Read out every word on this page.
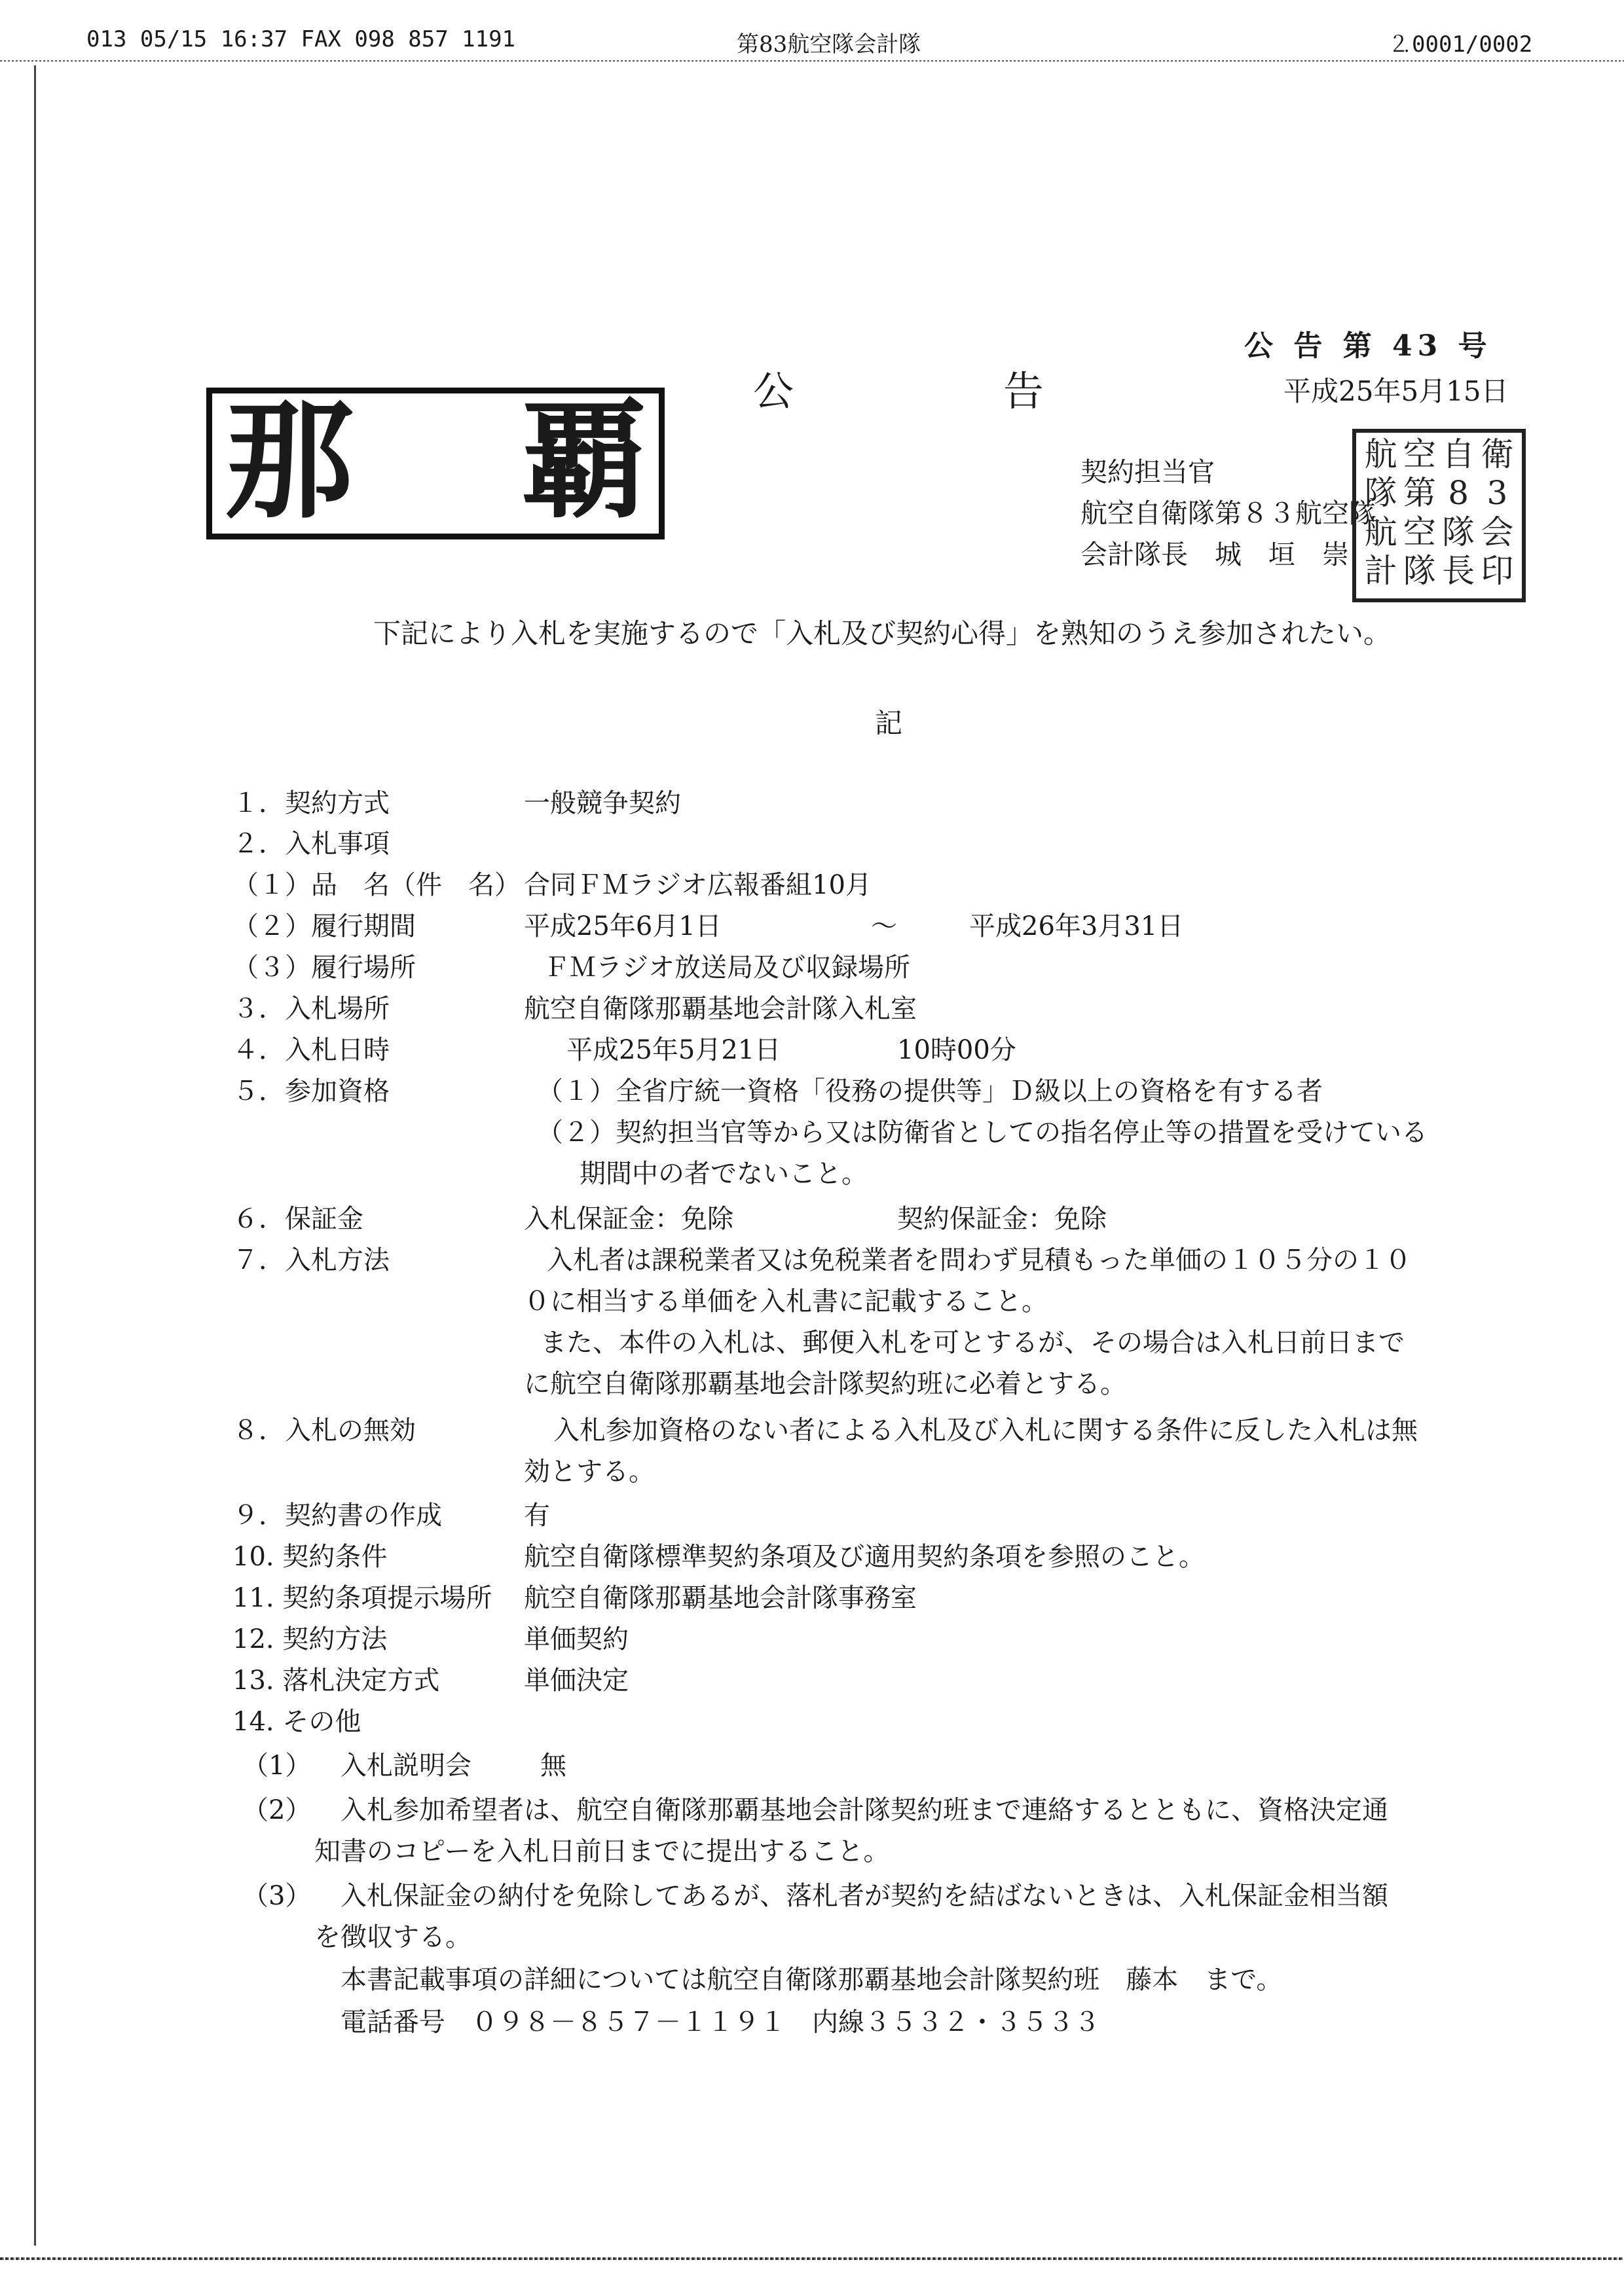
013 05/15 16:37 FAX 098 857 1191	第83航空隊会計隊	⒉0001/0002
公 告 第 43 号
公 告	平成25年5月15日
那 覇	契約担当官
航空自衛隊第８３航空隊
会計隊長　城　垣　崇
航 空 自 衛
隊 第 8 3
航 空 隊 会
計 隊 長 印
下記により入札を実施するので「入札及び契約心得」を熟知のうえ参加されたい。
記
１．契約方式	一般競争契約
２．入札事項
（１）品　名（件　名） 合同ＦＭラジオ広報番組10月
（２）履行期間	平成25年6月1日	～	平成26年3月31日
（３）履行場所	ＦＭラジオ放送局及び収録場所
３．入札場所	航空自衛隊那覇基地会計隊入札室
４．入札日時	平成25年5月21日	10時00分
５．参加資格	（１）全省庁統一資格「役務の提供等」Ｄ級以上の資格を有する者
（２）契約担当官等から又は防衛省としての指名停止等の措置を受けている
期間中の者でないこと。
６．保証金	入札保証金：免除	契約保証金：免除
７．入札方法	入札者は課税業者又は免税業者を問わず見積もった単価の１０５分の１０
０に相当する単価を入札書に記載すること。
また、本件の入札は、郵便入札を可とするが、その場合は入札日前日まで
に航空自衛隊那覇基地会計隊契約班に必着とする。
８．入札の無効	入札参加資格のない者による入札及び入札に関する条件に反した入札は無
効とする。
９．契約書の作成	有
10. 契約条件	航空自衛隊標準契約条項及び適用契約条項を参照のこと。
11. 契約条項提示場所 航空自衛隊那覇基地会計隊事務室
12. 契約方法	単価契約
13. 落札決定方式	単価決定
14. その他
（1） 入札説明会	無
（2） 入札参加希望者は、航空自衛隊那覇基地会計隊契約班まで連絡するとともに、資格決定通
知書のコピーを入札日前日までに提出すること。
（3） 入札保証金の納付を免除してあるが、落札者が契約を結ばないときは、入札保証金相当額
を徴収する。
本書記載事項の詳細については航空自衛隊那覇基地会計隊契約班　藤本　まで。
電話番号　０９８－８５７－１１９１　内線３５３２・３５３３
